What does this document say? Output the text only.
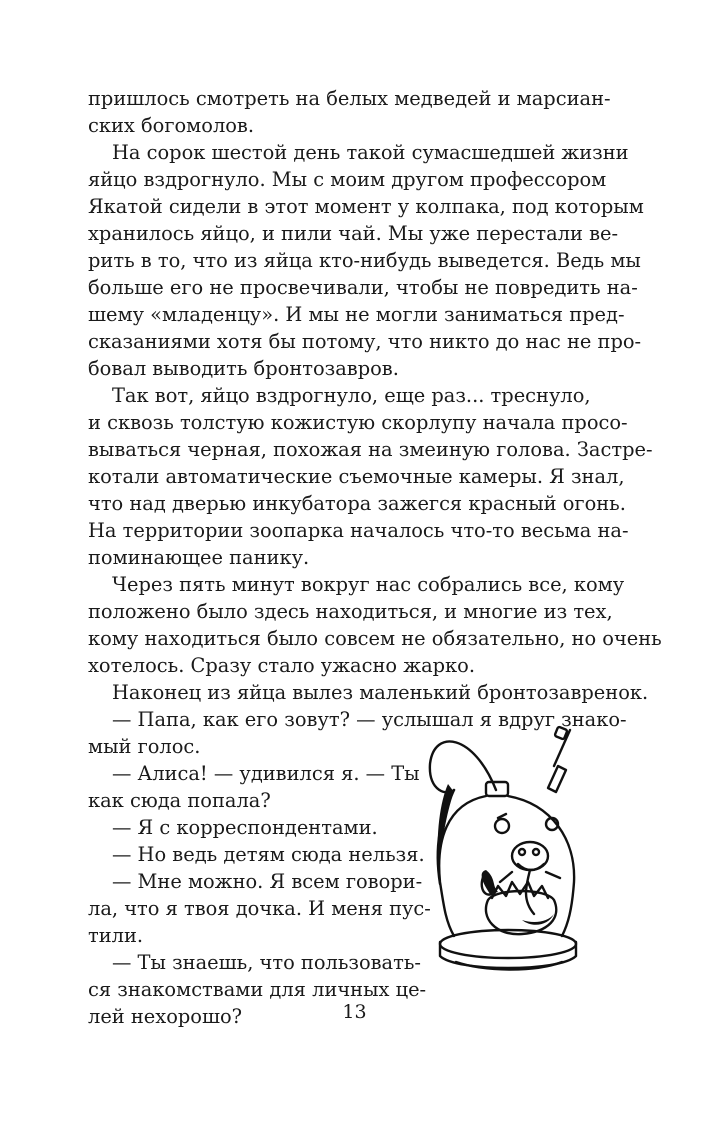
пришлось смотреть на белых медведей и марсиан-
ских богомолов.
На сорок шестой день такой сумасшедшей жизни
яйцо вздрогнуло. Мы с моим другом профессором
Якатой сидели в этот момент у колпака, под которым
хранилось яйцо, и пили чай. Мы уже перестали ве-
рить в то, что из яйца кто-нибудь выведется. Ведь мы
больше его не просвечивали, чтобы не повредить на-
шему «младенцу». И мы не могли заниматься пред-
сказаниями хотя бы потому, что никто до нас не про-
бовал выводить бронтозавров.
Так вот, яйцо вздрогнуло, еще раз... треснуло,
и сквозь толстую кожистую скорлупу начала просо-
вываться черная, похожая на змеиную голова. Застре-
котали автоматические съемочные камеры. Я знал,
что над дверью инкубатора зажегся красный огонь.
На территории зоопарка началось что-то весьма на-
поминающее панику.
Через пять минут вокруг нас собрались все, кому
положено было здесь находиться, и многие из тех,
кому находиться было совсем не обязательно, но очень
хотелось. Сразу стало ужасно жарко.
Наконец из яйца вылез маленький бронтозавренок.
— Папа, как его зовут? — услышал я вдруг знако-
мый голос.
— Алиса! — удивился я. — Ты
как сюда попала?
— Я с корреспондентами.
— Но ведь детям сюда нельзя.
— Мне можно. Я всем говори-
ла, что я твоя дочка. И меня пус-
тили.
— Ты знаешь, что пользовать-
ся знакомствами для личных це-
лей нехорошо?	13
